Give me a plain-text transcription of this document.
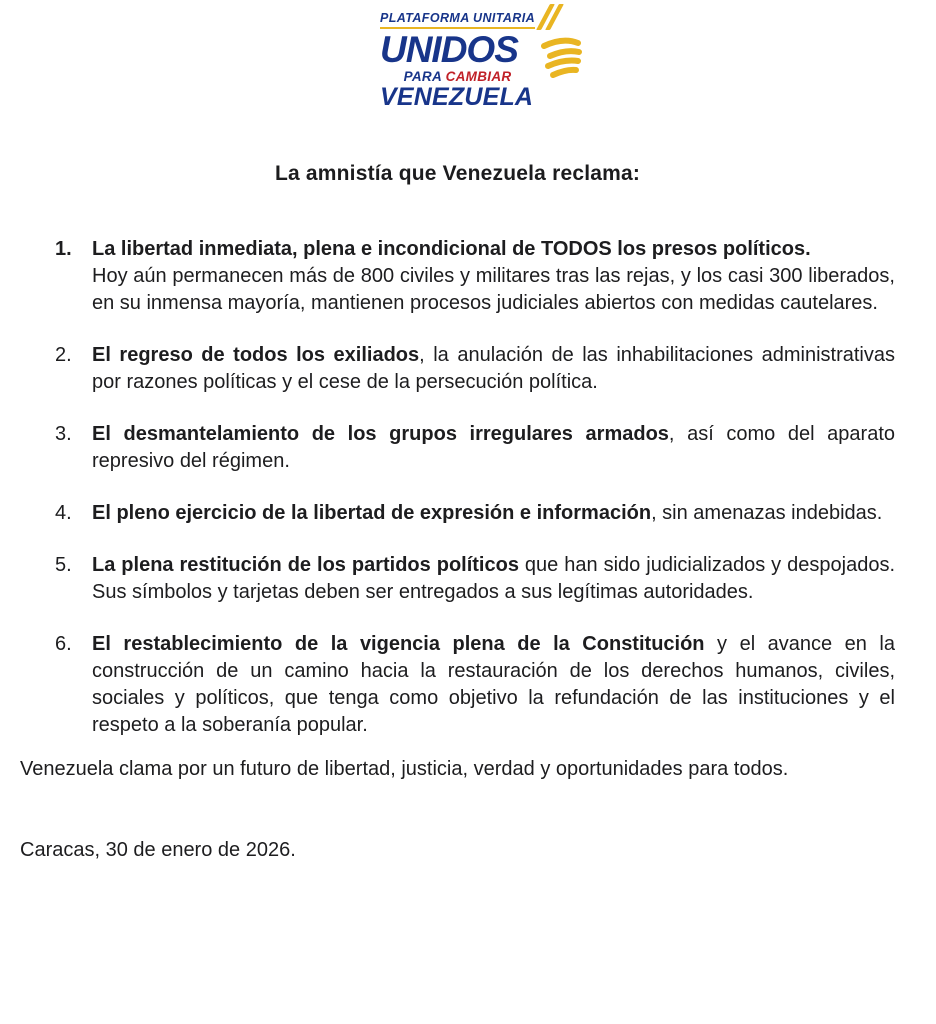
PLATAFORMA UNITARIA
UNIDOS
PARA CAMBIAR
VENEZUELA
La amnistía que Venezuela reclama:
1.	La libertad inmediata, plena e incondicional de TODOS los presos políticos.

Hoy aún permanecen más de 800 civiles y militares tras las rejas, y los casi 300 liberados, en su inmensa mayoría, mantienen procesos judiciales abiertos con medidas cautelares.

2.	El regreso de todos los exiliados, la anulación de las inhabilitaciones administrativas por razones políticas y el cese de la persecución política.

3.	El desmantelamiento de los grupos irregulares armados, así como del aparato represivo del régimen.

4.	El pleno ejercicio de la libertad de expresión e información, sin amenazas indebidas.

5.	La plena restitución de los partidos políticos que han sido judicializados y despojados. Sus símbolos y tarjetas deben ser entregados a sus legítimas autoridades.

6.	El restablecimiento de la vigencia plena de la Constitución y el avance en la construcción de un camino hacia la restauración de los derechos humanos, civiles, sociales y políticos, que tenga como objetivo la refundación de las instituciones y el respeto a la soberanía popular.

Venezuela clama por un futuro de libertad, justicia, verdad y oportunidades para todos.

Caracas, 30 de enero de 2026.
